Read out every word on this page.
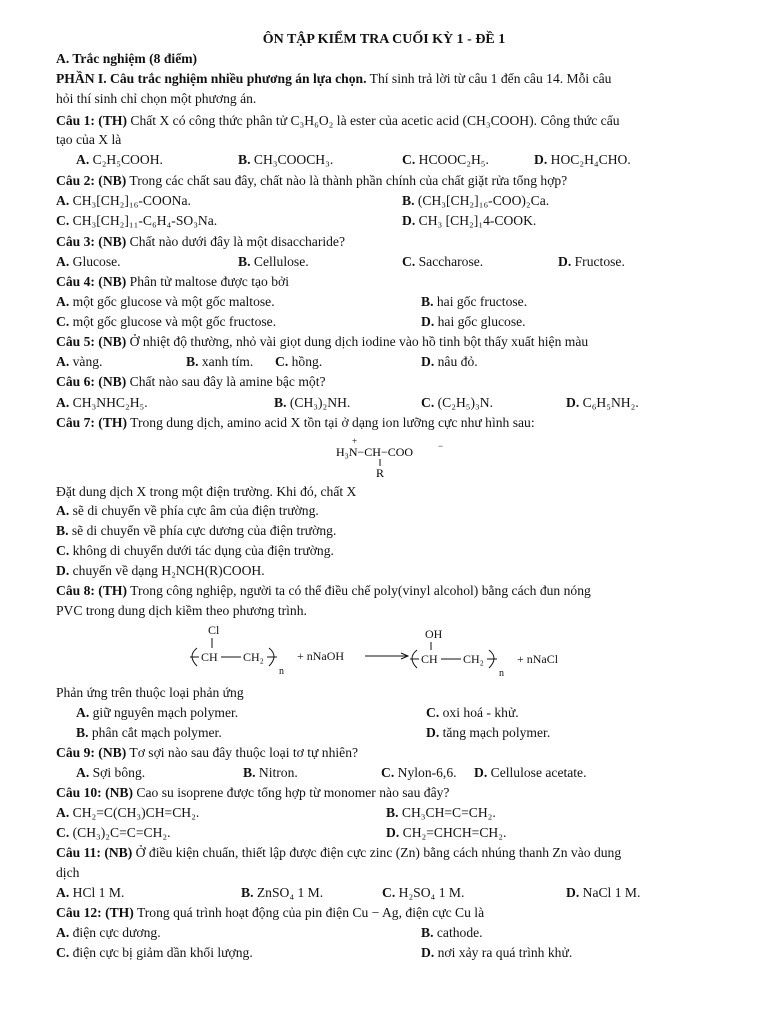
ÔN TẬP KIỂM TRA CUỐI KỲ 1 - ĐỀ 1
A. Trắc nghiệm (8 điểm)
PHẦN I. Câu trắc nghiệm nhiều phương án lựa chọn. Thí sinh trả lời từ câu 1 đến câu 14. Mỗi câu
hỏi thí sinh chỉ chọn một phương án.
Câu 1: (TH) Chất X có công thức phân tử C₃H₆O₂ là ester của acetic acid (CH₃COOH). Công thức cấu
tạo của X là
A. C₂H₅COOH.	B. CH₃COOCH₃.	C. HCOOC₂H₅.	D. HOC₂H₄CHO.
Câu 2: (NB) Trong các chất sau đây, chất nào là thành phần chính của chất giặt rửa tổng hợp?
A. CH₃[CH₂]₁₆-COONa.	B. (CH₃[CH₂]₁₆-COO)₂Ca.
C. CH₃[CH₂]₁₁-C₆H₄-SO₃Na.	D. CH₃ [CH₂]₁4-COOK.
Câu 3: (NB) Chất nào dưới đây là một disaccharide?
A. Glucose.	B. Cellulose.	C. Saccharose.	D. Fructose.
Câu 4: (NB) Phân tử maltose được tạo bởi
A. một gốc glucose và một gốc maltose.	B. hai gốc fructose.
C. một gốc glucose và một gốc fructose.	D. hai gốc glucose.
Câu 5: (NB) Ở nhiệt độ thường, nhỏ vài giọt dung dịch iodine vào hồ tinh bột thấy xuất hiện màu
A. vàng.	B. xanh tím. C. hồng.	D. nâu đỏ.
Câu 6: (NB) Chất nào sau đây là amine bậc một?
A. CH₃NHC₂H₅.	B. (CH₃)₂NH.	C. (C₂H₅)₃N.	D. C₆H₅NH₂.
Câu 7: (TH) Trong dung dịch, amino acid X tồn tại ở dạng ion lưỡng cực như hình sau:
+
H₃N−CH−COO	−
R
Đặt dung dịch X trong một điện trường. Khi đó, chất X
A. sẽ di chuyển về phía cực âm của điện trường.
B. sẽ di chuyển về phía cực dương của điện trường.
C. không di chuyển dưới tác dụng của điện trường.
D. chuyển về dạng H₂NCH(R)COOH.
Câu 8: (TH) Trong công nghiệp, người ta có thể điều chế poly(vinyl alcohol) bằng cách đun nóng
PVC trong dung dịch kiềm theo phương trình.
Cl
CH CH₂
n
+ nNaOH
OH
CH CH₂
n
+ nNaCl
Phản ứng trên thuộc loại phản ứng
A. giữ nguyên mạch polymer.	C. oxi hoá - khử.
B. phân cắt mạch polymer.	D. tăng mạch polymer.
Câu 9: (NB) Tơ sợi nào sau đây thuộc loại tơ tự nhiên?
A. Sợi bông.	B. Nitron.	C. Nylon-6,6. D. Cellulose acetate.
Câu 10: (NB) Cao su isoprene được tổng hợp từ monomer nào sau đây?
A. CH₂=C(CH₃)CH=CH₂.	B. CH₃CH=C=CH₂.
C. (CH₃)₂C=C=CH₂.	D. CH₂=CHCH=CH₂.
Câu 11: (NB) Ở điều kiện chuẩn, thiết lập được điện cực zinc (Zn) bằng cách nhúng thanh Zn vào dung
dịch
A. HCl 1 M.	B. ZnSO₄ 1 M.	C. H₂SO₄ 1 M.	D. NaCl 1 M.
Câu 12: (TH) Trong quá trình hoạt động của pin điện Cu − Ag, điện cực Cu là
A. điện cực dương.	B. cathode.
C. điện cực bị giảm dần khối lượng.	D. nơi xảy ra quá trình khử.
